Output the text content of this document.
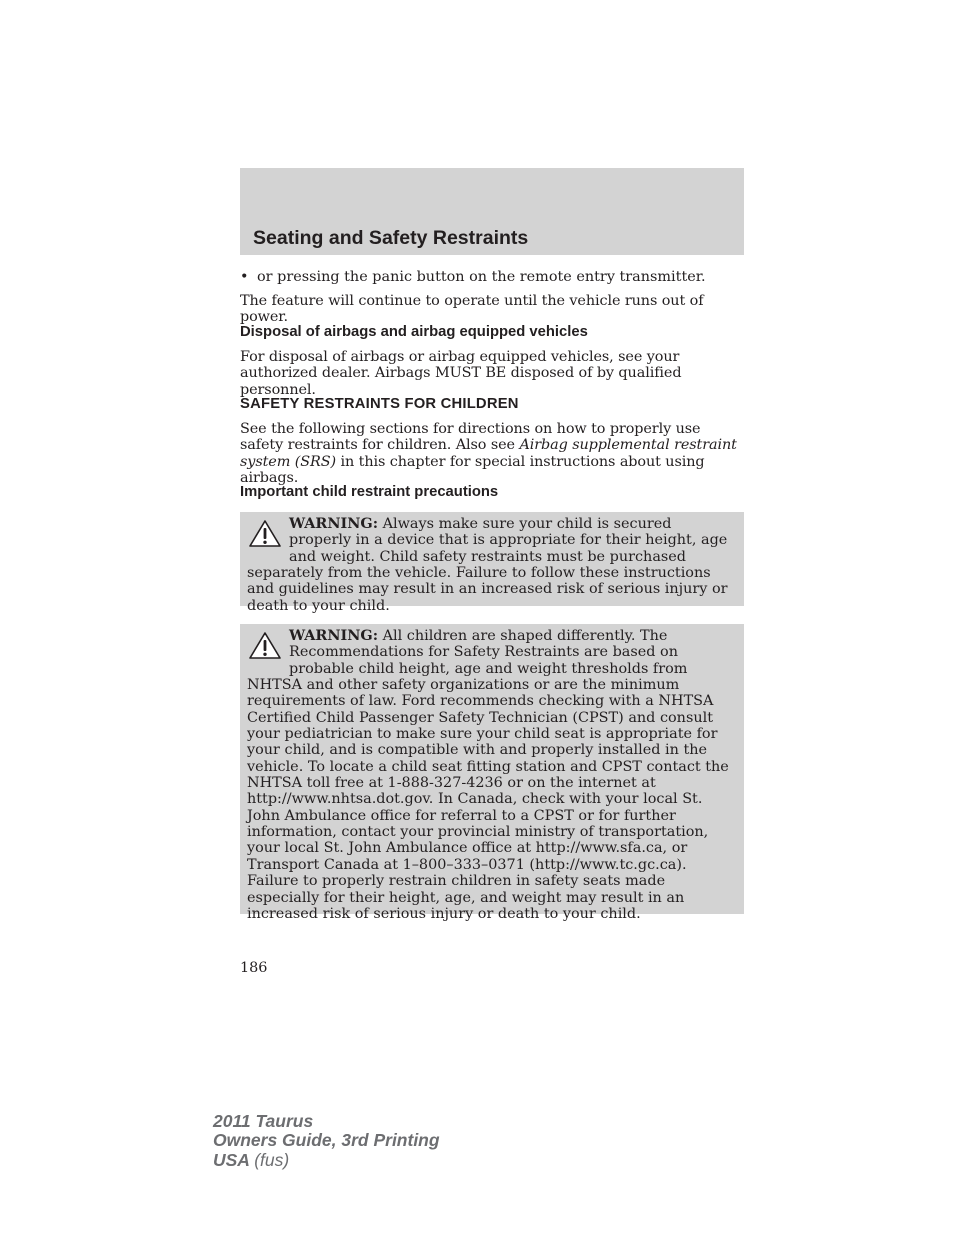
Seating and Safety Restraints
• or pressing the panic button on the remote entry transmitter.

The feature will continue to operate until the vehicle runs out of power.

Disposal of airbags and airbag equipped vehicles

For disposal of airbags or airbag equipped vehicles, see your authorized dealer. Airbags MUST BE disposed of by qualified personnel.

SAFETY RESTRAINTS FOR CHILDREN

See the following sections for directions on how to properly use safety restraints for children. Also see Airbag supplemental restraint system (SRS) in this chapter for special instructions about using airbags.

Important child restraint precautions
WARNING: Always make sure your child is secured properly in a device that is appropriate for their height, age and weight. Child safety restraints must be purchased separately from the vehicle. Failure to follow these instructions and guidelines may result in an increased risk of serious injury or death to your child.
WARNING: All children are shaped differently. The Recommendations for Safety Restraints are based on probable child height, age and weight thresholds from NHTSA and other safety organizations or are the minimum requirements of law. Ford recommends checking with a NHTSA Certified Child Passenger Safety Technician (CPST) and consult your pediatrician to make sure your child seat is appropriate for your child, and is compatible with and properly installed in the vehicle. To locate a child seat fitting station and CPST contact the NHTSA toll free at 1-888-327-4236 or on the internet at http://www.nhtsa.dot.gov. In Canada, check with your local St. John Ambulance office for referral to a CPST or for further information, contact your provincial ministry of transportation, your local St. John Ambulance office at http://www.sfa.ca, or Transport Canada at 1–800–333–0371 (http://www.tc.gc.ca). Failure to properly restrain children in safety seats made especially for their height, age, and weight may result in an increased risk of serious injury or death to your child.
186
2011 Taurus
Owners Guide, 3rd Printing
USA (fus)
